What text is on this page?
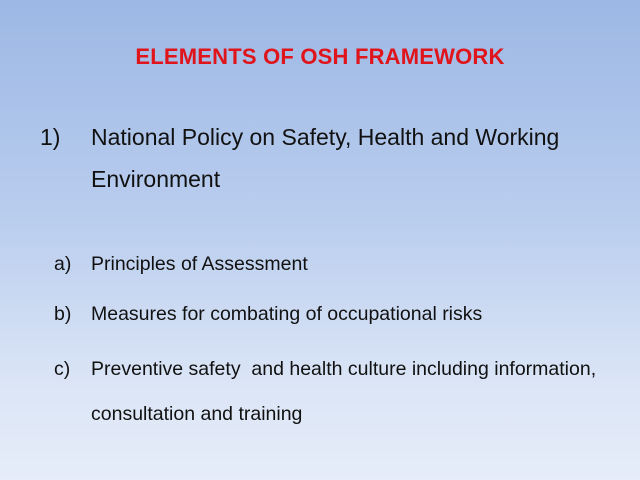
ELEMENTS OF OSH FRAMEWORK
1) National Policy on Safety, Health and Working Environment
a) Principles of Assessment
b) Measures for combating of occupational risks
c) Preventive safety  and health culture including information, consultation and training
